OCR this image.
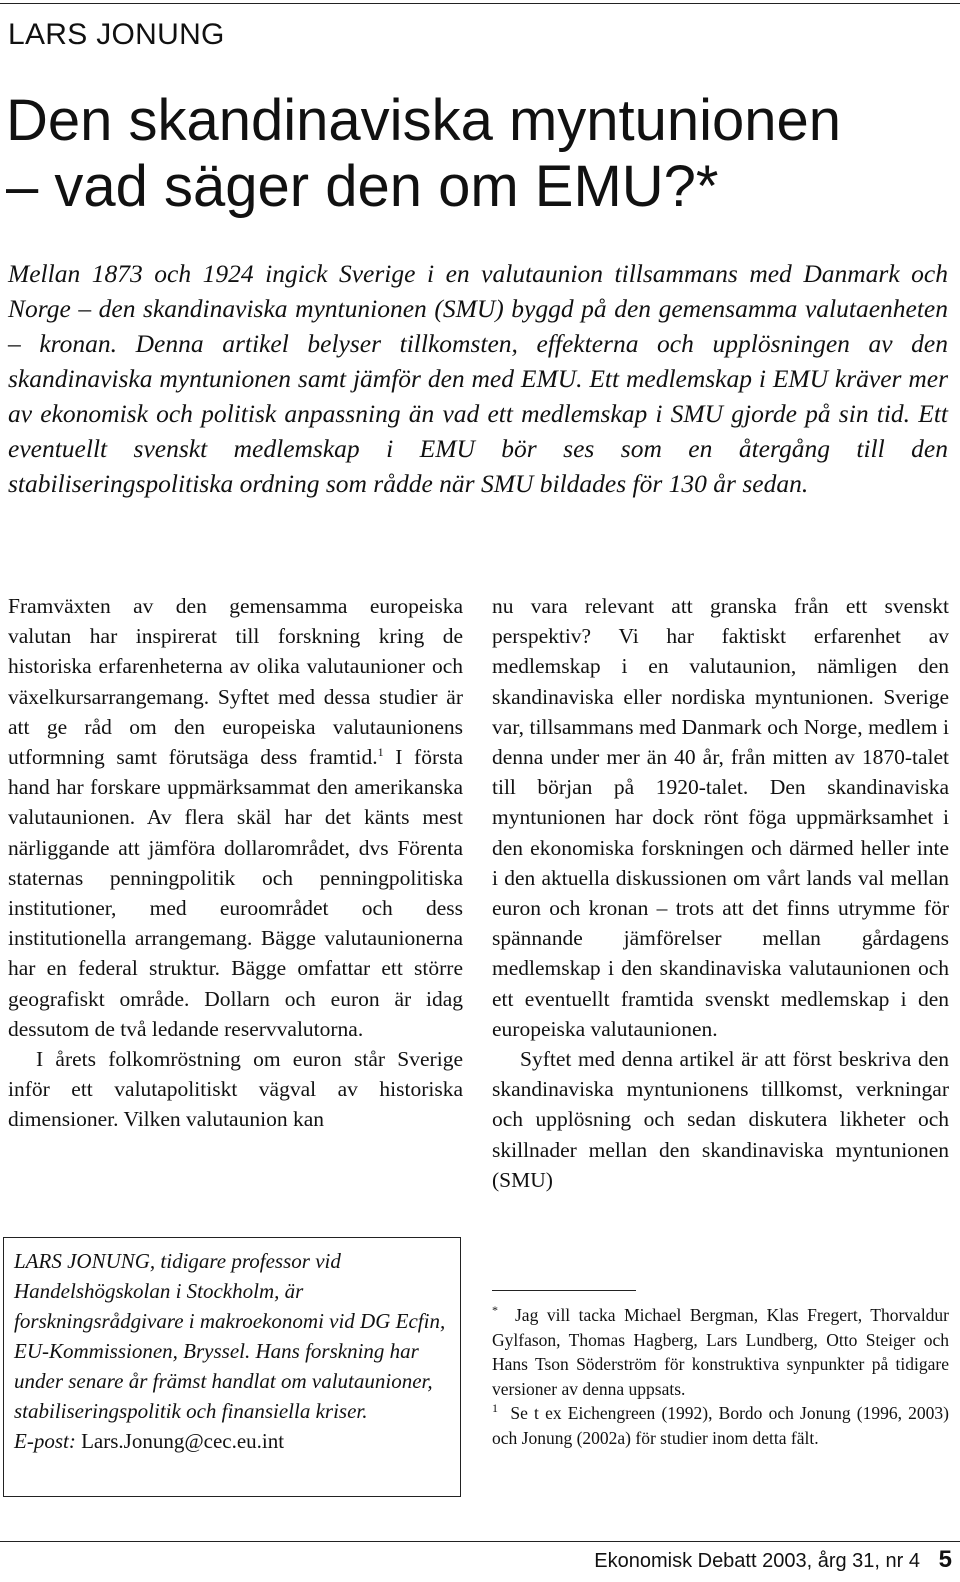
LARS JONUNG
Den skandinaviska myntunionen
– vad säger den om EMU?*
Mellan 1873 och 1924 ingick Sverige i en valutaunion tillsammans med Danmark och Norge – den skandinaviska myntunionen (SMU) byggd på den gemensamma valutaenheten – kronan. Denna artikel belyser tillkomsten, effekterna och upplösningen av den skandinaviska myntunionen samt jämför den med EMU. Ett medlemskap i EMU kräver mer av ekonomisk och politisk anpassning än vad ett medlemskap i SMU gjorde på sin tid. Ett eventuellt svenskt medlemskap i EMU bör ses som en återgång till den stabiliseringspolitiska ordning som rådde när SMU bildades för 130 år sedan.

Framväxten av den gemensamma europeiska valutan har inspirerat till forskning kring de historiska erfarenheterna av olika valutaunioner och växelkursarrangemang. Syftet med dessa studier är att ge råd om den europeiska valutaunionens utformning samt förutsäga dess framtid.$^1$ I första hand har forskare uppmärksammat den amerikanska valutaunionen. Av flera skäl har det känts mest närliggande att jämföra dollarområdet, dvs Förenta staternas penningpolitik och penningpolitiska institutioner, med euroområdet och dess institutionella arrangemang. Bägge valutaunionerna har en federal struktur. Bägge omfattar ett större geografiskt område. Dollarn och euron är idag dessutom de två ledande reservvalutorna.

I årets folkomröstning om euron står Sverige inför ett valutapolitiskt vägval av historiska dimensioner. Vilken valutaunion kan

nu vara relevant att granska från ett svenskt perspektiv? Vi har faktiskt erfarenhet av medlemskap i en valutaunion, nämligen den skandinaviska eller nordiska myntunionen. Sverige var, tillsammans med Danmark och Norge, medlem i denna under mer än 40 år, från mitten av 1870-talet till början på 1920-talet. Den skandinaviska myntunionen har dock rönt föga uppmärksamhet i den ekonomiska forskningen och därmed heller inte i den aktuella diskussionen om vårt lands val mellan euron och kronan – trots att det finns utrymme för spännande jämförelser mellan gårdagens medlemskap i den skandinaviska valutaunionen och ett eventuellt framtida svenskt medlemskap i den europeiska valutaunionen.

Syftet med denna artikel är att först beskriva den skandinaviska myntunionens tillkomst, verkningar och upplösning och sedan diskutera likheter och skillnader mellan den skandinaviska myntunionen (SMU)

LARS JONUNG, tidigare professor vid Handelshögskolan i Stockholm, är forskningsrådgivare i makroekonomi vid DG Ecfin, EU-Kommissionen, Bryssel. Hans forskning har under senare år främst handlat om valutaunioner, stabiliseringspolitik och finansiella kriser.
E-post: Lars.Jonung@cec.eu.int

* Jag vill tacka Michael Bergman, Klas Fregert, Thorvaldur Gylfason, Thomas Hagberg, Lars Lundberg, Otto Steiger och Hans Tson Söderström för konstruktiva synpunkter på tidigare versioner av denna uppsats.

$^1$ Se t ex Eichengreen (1992), Bordo och Jonung (1996, 2003) och Jonung (2002a) för studier inom detta fält.

Ekonomisk Debatt 2003, årg 31, nr 4 5
